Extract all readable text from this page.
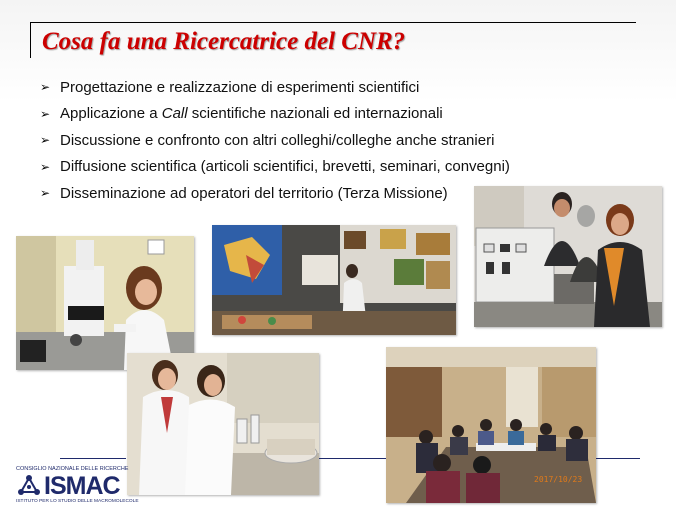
Cosa fa una Ricercatrice del CNR?
➢ Progettazione e realizzazione di esperimenti scientifici
➢ Applicazione a Call scientifiche nazionali ed internazionali
➢ Discussione e confronto con altri colleghi/colleghe anche stranieri
➢ Diffusione scientifica (articoli scientifici, brevetti, seminari, convegni)
➢ Disseminazione ad operatori del territorio (Terza Missione)
2017/10/23
CONSIGLIO NAZIONALE DELLE RICERCHE
ISMAC
ISTITUTO PER LO STUDIO DELLE MACROMOLECOLE
